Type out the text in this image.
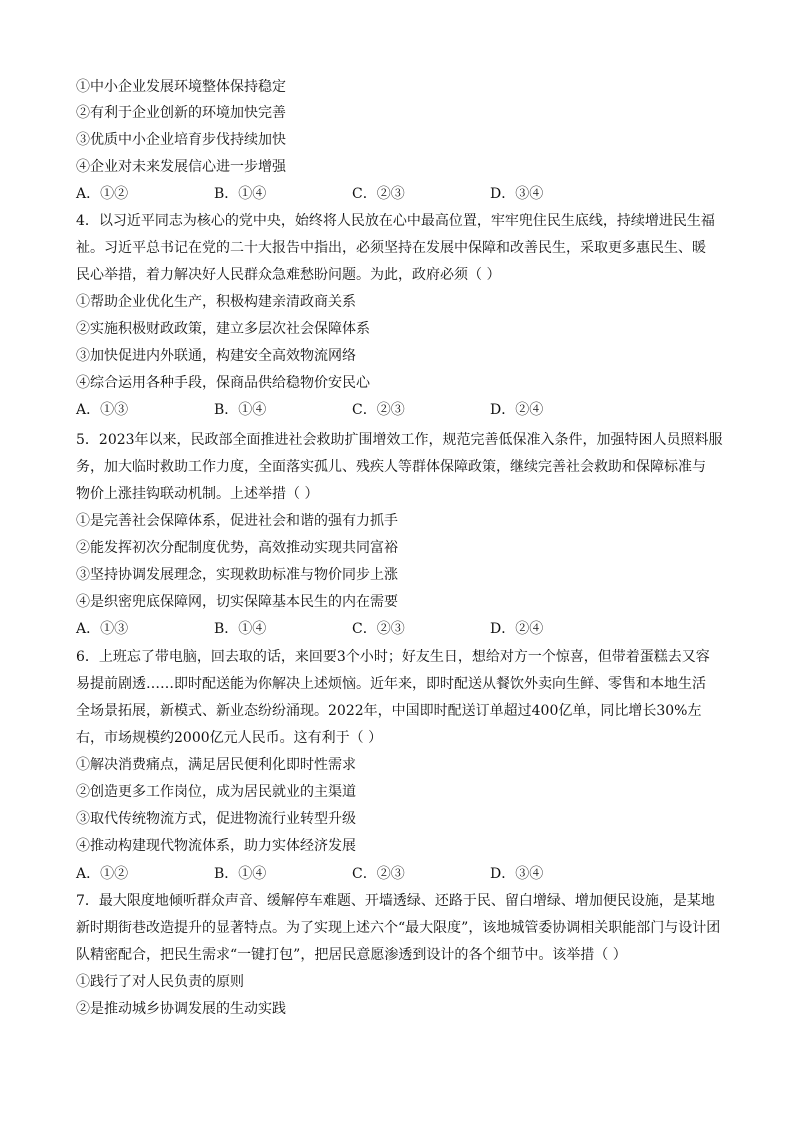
①中小企业发展环境整体保持稳定
②有利于企业创新的环境加快完善
③优质中小企业培育步伐持续加快
④企业对未来发展信心进一步增强
A．①②	B．①④	C．②③	D．③④
4．以习近平同志为核心的党中央，始终将人民放在心中最高位置，牢牢兜住民生底线，持续增进民生福
祉。习近平总书记在党的二十大报告中指出，必须坚持在发展中保障和改善民生，采取更多惠民生、暖
民心举措，着力解决好人民群众急难愁盼问题。为此，政府必须（ ）
①帮助企业优化生产，积极构建亲清政商关系
②实施积极财政政策，建立多层次社会保障体系
③加快促进内外联通，构建安全高效物流网络
④综合运用各种手段，保商品供给稳物价安民心
A．①③	B．①④	C．②③	D．②④
5．2023年以来，民政部全面推进社会救助扩围增效工作，规范完善低保准入条件，加强特困人员照料服
务，加大临时救助工作力度，全面落实孤儿、残疾人等群体保障政策，继续完善社会救助和保障标准与
物价上涨挂钩联动机制。上述举措（ ）
①是完善社会保障体系，促进社会和谐的强有力抓手
②能发挥初次分配制度优势，高效推动实现共同富裕
③坚持协调发展理念，实现救助标准与物价同步上涨
④是织密兜底保障网，切实保障基本民生的内在需要
A．①③	B．①④	C．②③	D．②④
6．上班忘了带电脑，回去取的话，来回要3个小时；好友生日，想给对方一个惊喜，但带着蛋糕去又容
易提前剧透……即时配送能为你解决上述烦恼。近年来，即时配送从餐饮外卖向生鲜、零售和本地生活
全场景拓展，新模式、新业态纷纷涌现。2022年，中国即时配送订单超过400亿单，同比增长30%左
右，市场规模约2000亿元人民币。这有利于（ ）
①解决消费痛点，满足居民便利化即时性需求
②创造更多工作岗位，成为居民就业的主渠道
③取代传统物流方式，促进物流行业转型升级
④推动构建现代物流体系，助力实体经济发展
A．①②	B．①④	C．②③	D．③④
7．最大限度地倾听群众声音、缓解停车难题、开墙透绿、还路于民、留白增绿、增加便民设施，是某地
新时期街巷改造提升的显著特点。为了实现上述六个“最大限度”，该地城管委协调相关职能部门与设计团
队精密配合，把民生需求“一键打包”，把居民意愿渗透到设计的各个细节中。该举措（ ）
①践行了对人民负责的原则
②是推动城乡协调发展的生动实践
